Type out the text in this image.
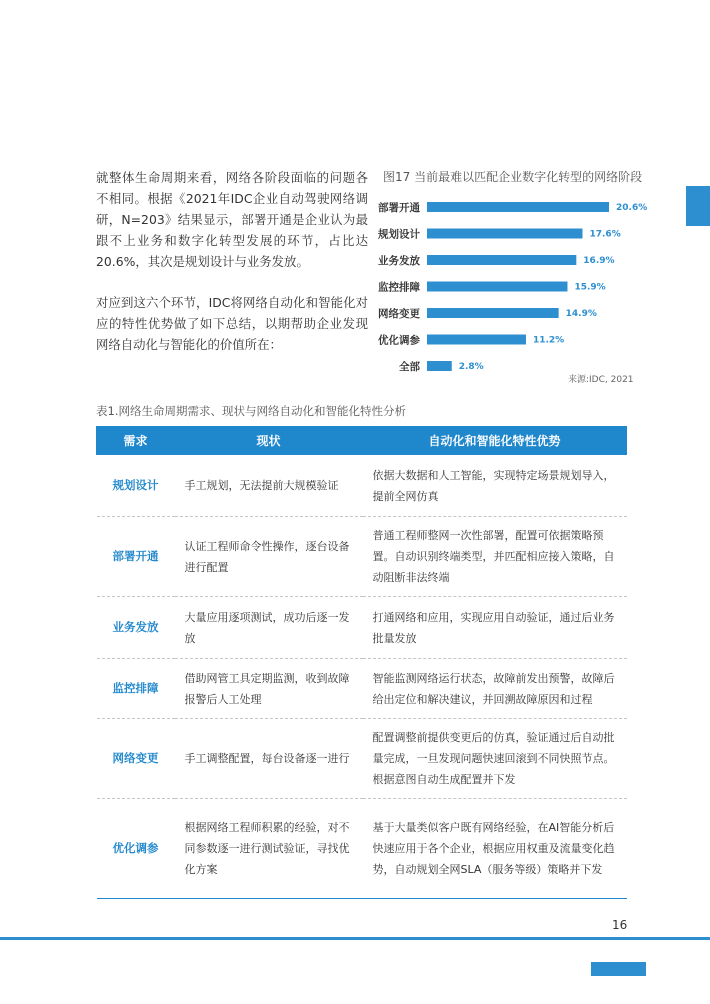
就整体生命周期来看，网络各阶段面临的问题各不相同。根据《2021年IDC企业自动驾驶网络调研，N=203》结果显示，部署开通是企业认为最跟不上业务和数字化转型发展的环节，占比达20.6%，其次是规划设计与业务发放。

对应到这六个环节，IDC将网络自动化和智能化对应的特性优势做了如下总结，以期帮助企业发现网络自动化与智能化的价值所在：

图17 当前最难以匹配企业数字化转型的网络阶段
部署开通	20.6%
规划设计	17.6%
业务发放	16.9%
监控排障	15.9%
网络变更	14.9%
优化调参	11.2%
全部	2.8%
来源:IDC, 2021
表1.网络生命周期需求、现状与网络自动化和智能化特性分析
需求	现状	自动化和智能化特性优势
规划设计	手工规划，无法提前大规模验证	依据大数据和人工智能，实现特定场景规划导入，提前全网仿真
部署开通	认证工程师命令性操作，逐台设备进行配置	普通工程师整网一次性部署，配置可依据策略预置。自动识别终端类型，并匹配相应接入策略，自动阻断非法终端
业务发放	大量应用逐项测试，成功后逐一发放	打通网络和应用，实现应用自动验证，通过后业务批量发放
监控排障	借助网管工具定期监测，收到故障报警后人工处理	智能监测网络运行状态，故障前发出预警，故障后给出定位和解决建议，并回溯故障原因和过程
网络变更	手工调整配置，每台设备逐一进行	配置调整前提供变更后的仿真，验证通过后自动批量完成，一旦发现问题快速回滚到不同快照节点。根据意图自动生成配置并下发
优化调参	根据网络工程师积累的经验，对不同参数逐一进行测试验证，寻找优化方案	基于大量类似客户既有网络经验，在AI智能分析后快速应用于各个企业，根据应用权重及流量变化趋势，自动规划全网SLA（服务等级）策略并下发
16
